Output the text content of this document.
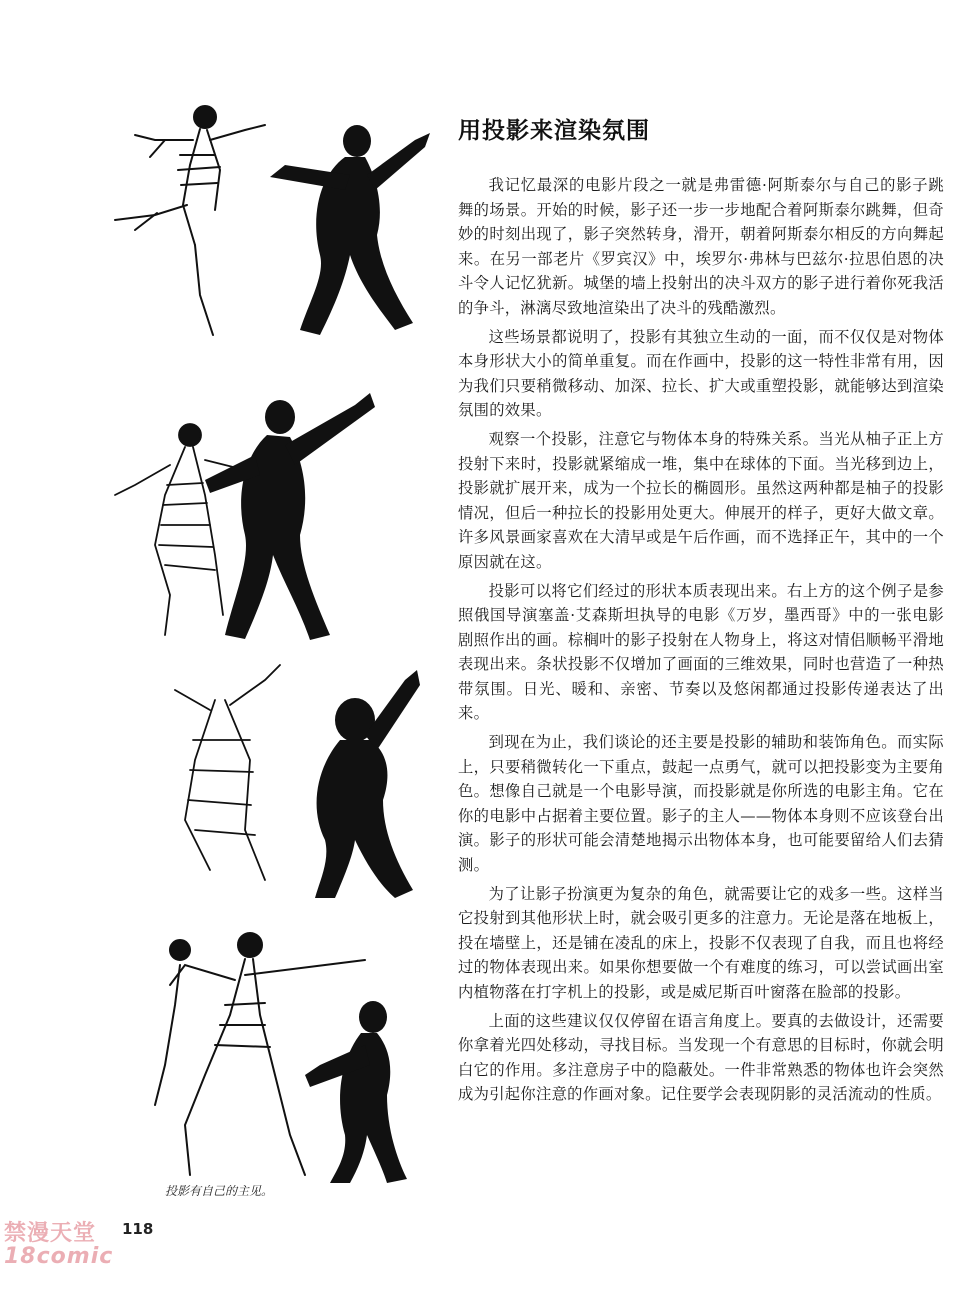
投影有自己的主见。
用投影来渲染氛围

我记忆最深的电影片段之一就是弗雷德·阿斯泰尔与自己的影子跳舞的场景。开始的时候，影子还一步一步地配合着阿斯泰尔跳舞，但奇妙的时刻出现了，影子突然转身，滑开，朝着阿斯泰尔相反的方向舞起来。在另一部老片《罗宾汉》中，埃罗尔·弗林与巴兹尔·拉思伯恩的决斗令人记忆犹新。城堡的墙上投射出的决斗双方的影子进行着你死我活的争斗，淋漓尽致地渲染出了决斗的残酷激烈。

这些场景都说明了，投影有其独立生动的一面，而不仅仅是对物体本身形状大小的简单重复。而在作画中，投影的这一特性非常有用，因为我们只要稍微移动、加深、拉长、扩大或重塑投影，就能够达到渲染氛围的效果。

观察一个投影，注意它与物体本身的特殊关系。当光从柚子正上方投射下来时，投影就紧缩成一堆，集中在球体的下面。当光移到边上，投影就扩展开来，成为一个拉长的椭圆形。虽然这两种都是柚子的投影情况，但后一种拉长的投影用处更大。伸展开的样子，更好大做文章。许多风景画家喜欢在大清早或是午后作画，而不选择正午，其中的一个原因就在这。

投影可以将它们经过的形状本质表现出来。右上方的这个例子是参照俄国导演塞盖·艾森斯坦执导的电影《万岁，墨西哥》中的一张电影剧照作出的画。棕榈叶的影子投射在人物身上，将这对情侣顺畅平滑地表现出来。条状投影不仅增加了画面的三维效果，同时也营造了一种热带氛围。日光、暖和、亲密、节奏以及悠闲都通过投影传递表达了出来。

到现在为止，我们谈论的还主要是投影的辅助和装饰角色。而实际上，只要稍微转化一下重点，鼓起一点勇气，就可以把投影变为主要角色。想像自己就是一个电影导演，而投影就是你所选的电影主角。它在你的电影中占据着主要位置。影子的主人——物体本身则不应该登台出演。影子的形状可能会清楚地揭示出物体本身，也可能要留给人们去猜测。

为了让影子扮演更为复杂的角色，就需要让它的戏多一些。这样当它投射到其他形状上时，就会吸引更多的注意力。无论是落在地板上，投在墙壁上，还是铺在凌乱的床上，投影不仅表现了自我，而且也将经过的物体表现出来。如果你想要做一个有难度的练习，可以尝试画出室内植物落在打字机上的投影，或是威尼斯百叶窗落在脸部的投影。

上面的这些建议仅仅停留在语言角度上。要真的去做设计，还需要你拿着光四处移动，寻找目标。当发现一个有意思的目标时，你就会明白它的作用。多注意房子中的隐蔽处。一件非常熟悉的物体也许会突然成为引起你注意的作画对象。记住要学会表现阴影的灵活流动的性质。

118
禁漫天堂
18comic
